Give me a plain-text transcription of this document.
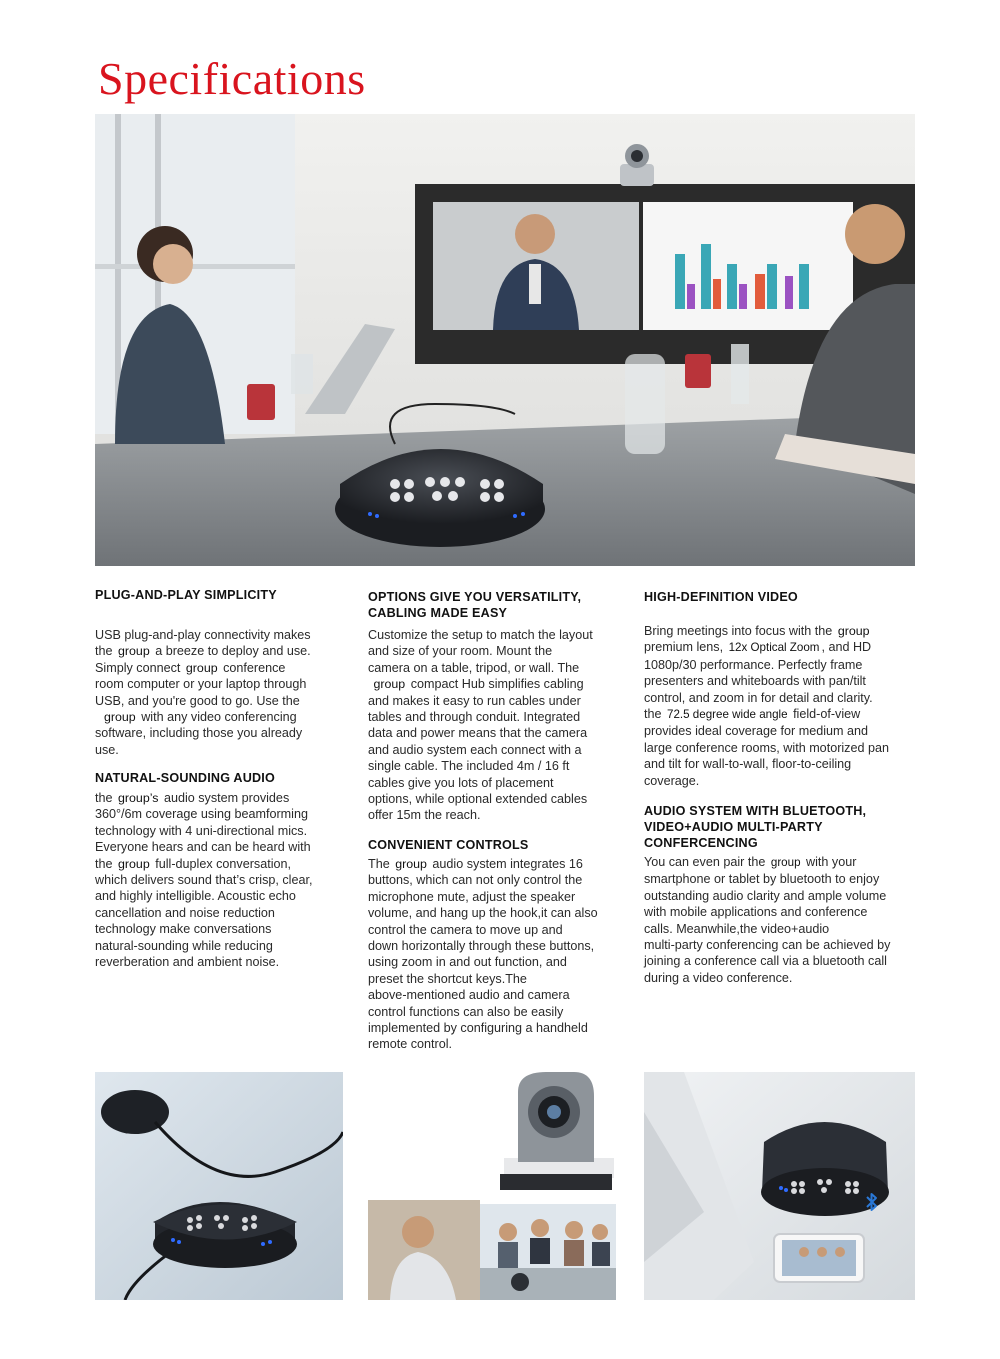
Specifications
PLUG-AND-PLAY SIMPLICITY

USB plug-and-play connectivity makes

the group a breeze to deploy and use.

Simply connect group conference

room computer or your laptop through

USB, and you're good to go. Use the

group with any video conferencing

software, including those you already

use.

NATURAL-SOUNDING AUDIO

the group’s audio system provides

360°/6m coverage using beamforming

technology with 4 uni-directional mics.

Everyone hears and can be heard with

the group full-duplex conversation,

which delivers sound that’s crisp, clear,

and highly intelligible. Acoustic echo

cancellation and noise reduction

technology make conversations

natural-sounding while reducing

reverberation and ambient noise.

OPTIONS GIVE YOU VERSATILITY,
CABLING MADE EASY

Customize the setup to match the layout

and size of your room. Mount the

camera on a table, tripod, or wall. The

group compact Hub simplifies cabling

and makes it easy to run cables under

tables and through conduit. Integrated

data and power means that the camera

and audio system each connect with a

single cable. The included 4m / 16 ft

cables give you lots of placement

options, while optional extended cables

offer 15m the reach.

CONVENIENT CONTROLS

The group audio system integrates 16

buttons, which can not only control the

microphone mute, adjust the speaker

volume, and hang up the hook,it can also

control the camera to move up and

down horizontally through these buttons,

using zoom in and out function, and

preset the shortcut keys.The

above-mentioned audio and camera

control functions can also be easily

implemented by configuring a handheld

remote control.

HIGH-DEFINITION VIDEO

Bring meetings into focus with the group

premium lens, 12x Optical Zoom , and HD

1080p/30 performance. Perfectly frame

presenters and whiteboards with pan/tilt

control, and zoom in for detail and clarity.

the 72.5 degree wide angle field-of-view

provides ideal coverage for medium and

large conference rooms, with motorized pan

and tilt for wall-to-wall, floor-to-ceiling

coverage.

AUDIO SYSTEM WITH BLUETOOTH,
VIDEO+AUDIO MULTI-PARTY
CONFERCENCING

You can even pair the group with your

smartphone or tablet by bluetooth to enjoy

outstanding audio clarity and ample volume

with mobile applications and conference

calls. Meanwhile,the video+audio

multi-party conferencing can be achieved by

joining a conference call via a bluetooth call

during a video conference.
